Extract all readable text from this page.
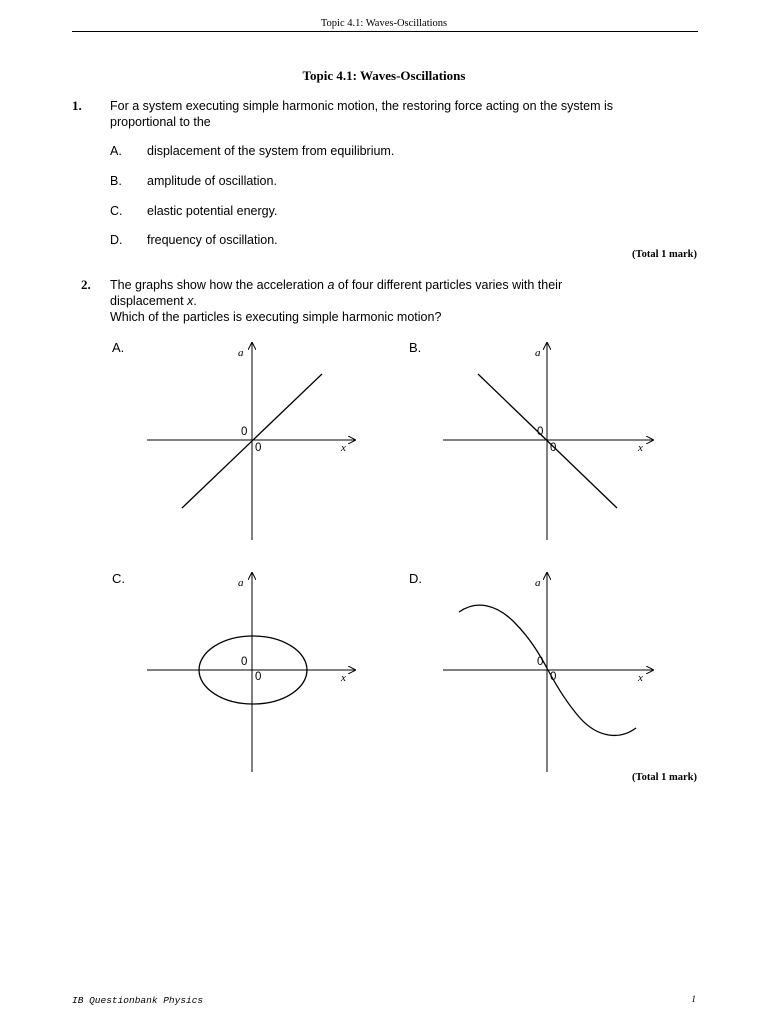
Topic 4.1: Waves-Oscillations
Topic 4.1: Waves-Oscillations
1. For a system executing simple harmonic motion, the restoring force acting on the system is
proportional to the
A. displacement of the system from equilibrium.
B. amplitude of oscillation.
C. elastic potential energy.
D. frequency of oscillation.
(Total 1 mark)
2. The graphs show how the acceleration a of four different particles varies with their
displacement x.
Which of the particles is executing simple harmonic motion?
A.	a
x
0
0
B.	a
x
0
0
C.	a
x
0
0
D.	a
x
0
0
(Total 1 mark)
IB Questionbank Physics	1
